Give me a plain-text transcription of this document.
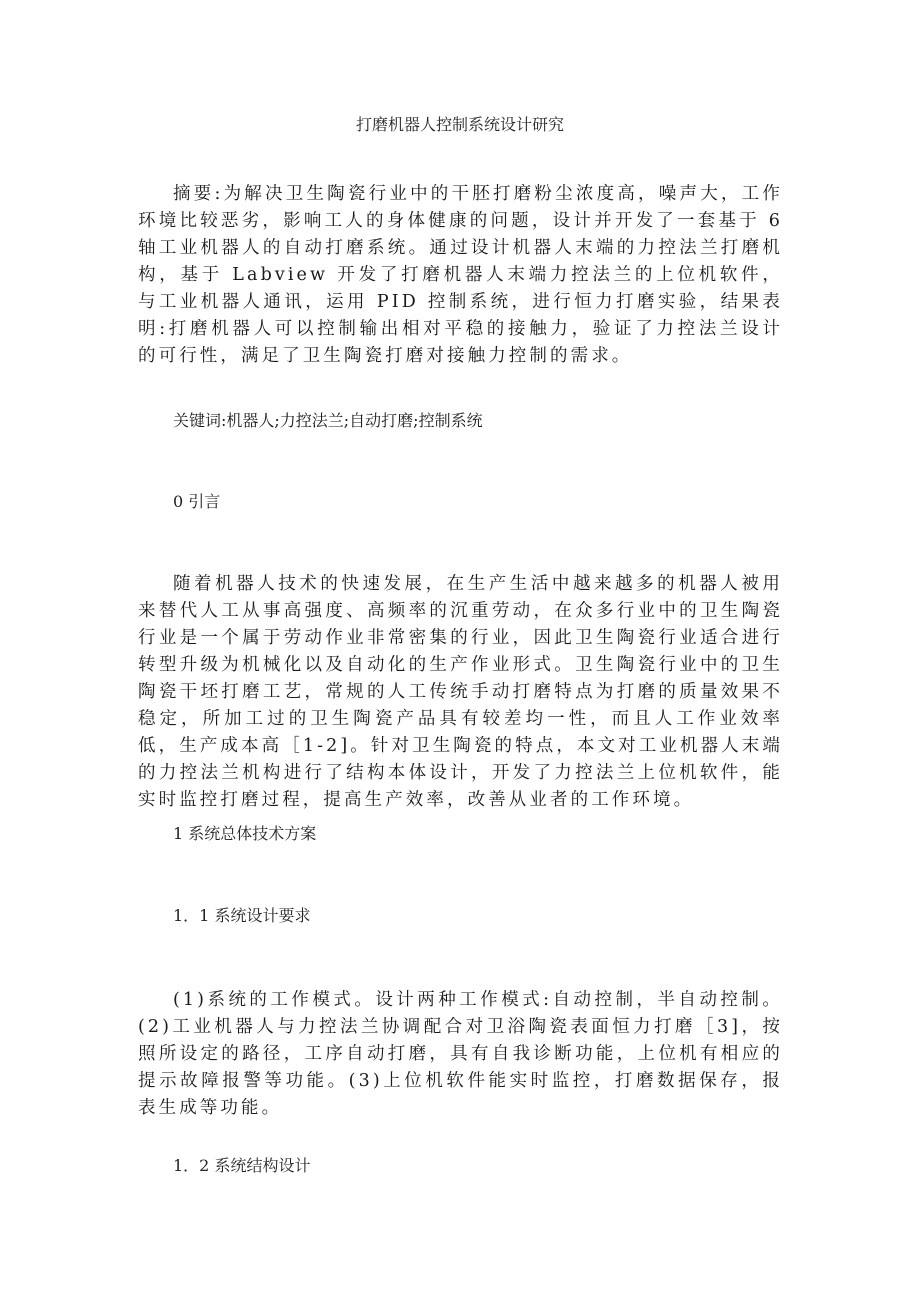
打磨机器人控制系统设计研究
摘要:为解决卫生陶瓷行业中的干胚打磨粉尘浓度高，噪声大，工作环境比较恶劣，影响工人的身体健康的问题，设计并开发了一套基于 6 轴工业机器人的自动打磨系统。通过设计机器人末端的力控法兰打磨机构，基于 Labview 开发了打磨机器人末端力控法兰的上位机软件，与工业机器人通讯，运用 PID 控制系统，进行恒力打磨实验，结果表明:打磨机器人可以控制输出相对平稳的接触力，验证了力控法兰设计的可行性，满足了卫生陶瓷打磨对接触力控制的需求。
关键词:机器人;力控法兰;自动打磨;控制系统
0 引言
随着机器人技术的快速发展，在生产生活中越来越多的机器人被用来替代人工从事高强度、高频率的沉重劳动，在众多行业中的卫生陶瓷行业是一个属于劳动作业非常密集的行业，因此卫生陶瓷行业适合进行转型升级为机械化以及自动化的生产作业形式。卫生陶瓷行业中的卫生陶瓷干坯打磨工艺，常规的人工传统手动打磨特点为打磨的质量效果不稳定，所加工过的卫生陶瓷产品具有较差均一性，而且人工作业效率低，生产成本高［1-2]。针对卫生陶瓷的特点，本文对工业机器人末端的力控法兰机构进行了结构本体设计，开发了力控法兰上位机软件，能实时监控打磨过程，提高生产效率，改善从业者的工作环境。
1 系统总体技术方案
1．1 系统设计要求
(1)系统的工作模式。设计两种工作模式:自动控制，半自动控制。(2)工业机器人与力控法兰协调配合对卫浴陶瓷表面恒力打磨［3]，按照所设定的路径，工序自动打磨，具有自我诊断功能，上位机有相应的提示故障报警等功能。(3)上位机软件能实时监控，打磨数据保存，报表生成等功能。
1．2 系统结构设计
